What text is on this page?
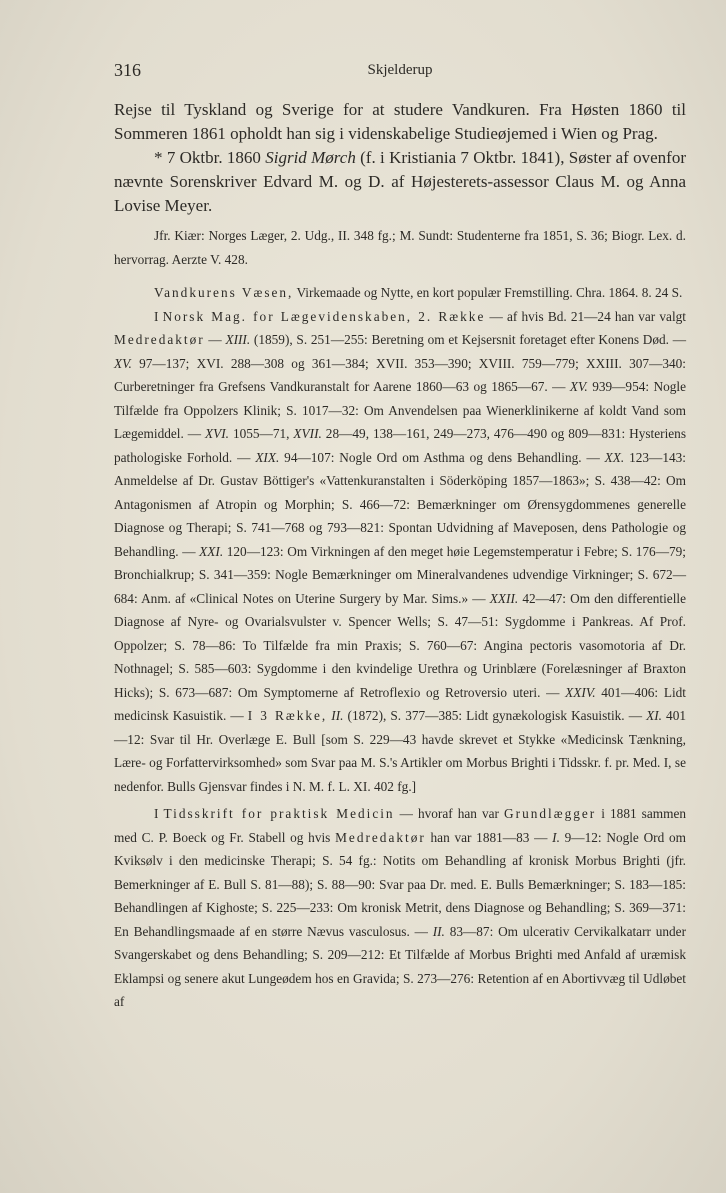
316	Skjelderup

Rejse til Tyskland og Sverige for at studere Vandkuren. Fra Høsten 1860 til Sommeren 1861 opholdt han sig i videnskabelige Studieøjemed i Wien og Prag.

* 7 Oktbr. 1860 Sigrid Mørch (f. i Kristiania 7 Oktbr. 1841), Søster af ovenfor nævnte Sorenskriver Edvard M. og D. af Højesterets-assessor Claus M. og Anna Lovise Meyer.

Jfr. Kiær: Norges Læger, 2. Udg., II. 348 fg.; M. Sundt: Studenterne fra 1851, S. 36; Biogr. Lex. d. hervorrag. Aerzte V. 428.

Vandkurens Væsen, Virkemaade og Nytte, en kort populær Fremstilling. Chra. 1864. 8. 24 S.

I Norsk Mag. for Lægevidenskaben, 2. Række — af hvis Bd. 21—24 han var valgt Medredaktør — XIII. (1859), S. 251—255: Beretning om et Kejsersnit foretaget efter Konens Død. — XV. 97—137; XVI. 288—308 og 361—384; XVII. 353—390; XVIII. 759—779; XXIII. 307—340: Curberetninger fra Grefsens Vandkuranstalt for Aarene 1860—63 og 1865—67. — XV. 939—954: Nogle Tilfælde fra Oppolzers Klinik; S. 1017—32: Om Anvendelsen paa Wienerklinikerne af koldt Vand som Lægemiddel. — XVI. 1055—71, XVII. 28—49, 138—161, 249—273, 476—490 og 809—831: Hysteriens pathologiske Forhold. — XIX. 94—107: Nogle Ord om Asthma og dens Behandling. — XX. 123—143: Anmeldelse af Dr. Gustav Böttiger's «Vattenkuranstalten i Söderköping 1857—1863»; S. 438—42: Om Antagonismen af Atropin og Morphin; S. 466—72: Bemærkninger om Ørensygdommenes generelle Diagnose og Therapi; S. 741—768 og 793—821: Spontan Udvidning af Maveposen, dens Pathologie og Behandling. — XXI. 120—123: Om Virkningen af den meget høie Legemstemperatur i Febre; S. 176—79; Bronchialkrup; S. 341—359: Nogle Bemærkninger om Mineralvandenes udvendige Virkninger; S. 672—684: Anm. af «Clinical Notes on Uterine Surgery by Mar. Sims.» — XXII. 42—47: Om den differentielle Diagnose af Nyre- og Ovarialsvulster v. Spencer Wells; S. 47—51: Sygdomme i Pankreas. Af Prof. Oppolzer; S. 78—86: To Tilfælde fra min Praxis; S. 760—67: Angina pectoris vasomotoria af Dr. Nothnagel; S. 585—603: Sygdomme i den kvindelige Urethra og Urinblære (Forelæsninger af Braxton Hicks); S. 673—687: Om Symptomerne af Retroflexio og Retroversio uteri. — XXIV. 401—406: Lidt medicinsk Kasuistik. — I 3 Række, II. (1872), S. 377—385: Lidt gynækologisk Kasuistik. — XI. 401—12: Svar til Hr. Overlæge E. Bull [som S. 229—43 havde skrevet et Stykke «Medicinsk Tænkning, Lære- og Forfattervirksomhed» som Svar paa M. S.'s Artikler om Morbus Brighti i Tidsskr. f. pr. Med. I, se nedenfor. Bulls Gjensvar findes i N. M. f. L. XI. 402 fg.]

I Tidsskrift for praktisk Medicin — hvoraf han var Grundlægger i 1881 sammen med C. P. Boeck og Fr. Stabell og hvis Medredaktør han var 1881—83 — I. 9—12: Nogle Ord om Kviksølv i den medicinske Therapi; S. 54 fg.: Notits om Behandling af kronisk Morbus Brighti (jfr. Bemerkninger af E. Bull S. 81—88); S. 88—90: Svar paa Dr. med. E. Bulls Bemærkninger; S. 183—185: Behandlingen af Kighoste; S. 225—233: Om kronisk Metrit, dens Diagnose og Behandling; S. 369—371: En Behandlingsmaade af en større Nævus vasculosus. — II. 83—87: Om ulcerativ Cervikalkatarr under Svangerskabet og dens Behandling; S. 209—212: Et Tilfælde af Morbus Brighti med Anfald af uræmisk Eklampsi og senere akut Lungeødem hos en Gravida; S. 273—276: Retention af en Abortivvæg til Udløbet af
